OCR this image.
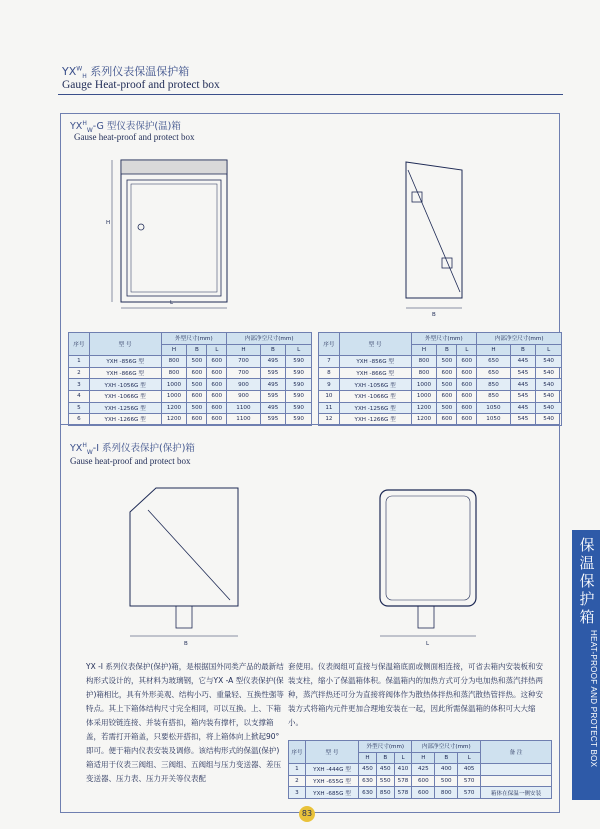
$YX^W_H$ 系列仪表保温保护箱
Gauge Heat-proof and protect box
$YX^H_W-G$ 型仪表保护(温)箱
Gause heat-proof and protect box
H
L
B
序号	型 号	外型尺寸(mm)			内部净空尺寸(mm)		
		H	B	L	H	B	L
1	YXH -856G 型	800	500	600	700	495	590
2	YXH -866G 型	800	600	600	700	595	590
3	YXH -1056G 型	1000	500	600	900	495	590
4	YXH -1066G 型	1000	600	600	900	595	590
5	YXH -1256G 型	1200	500	600	1100	495	590
6	YXH -1266G 型	1200	600	600	1100	595	590
序号	型 号	外型尺寸(mm)			内部净空尺寸(mm)		
		H	B	L	H	B	L
7	YXH -856G 型	800	500	600	650	445	540
8	YXH -866G 型	800	600	600	650	545	540
9	YXH -1056G 型	1000	500	600	850	445	540
10	YXH -1066G 型	1000	600	600	850	545	540
11	YXH -1256G 型	1200	500	600	1050	445	540
12	YXH -1266G 型	1200	600	600	1050	545	540
$YX^H_W-I$ 系列仪表保护(保护)箱
Gause heat-proof and protect box
B	L
YX -I 系列仪表保护(保护)箱，是根据国外同类产品的最新结构形式设计的，其材料为玻璃钢，它与YX -A 型仪表保护(保护)箱相比，具有外形美观、结构小巧、重量轻、互换性强等特点。其上下箱体结构尺寸完全相同，可以互换。上、下箱体采用铰链连接、并装有搭扣，箱内装有撑杆，以支撑箱盖，若需打开箱盖，只要松开搭扣，将上箱体向上掀起90°即可。便于箱内仪表安装及调修。该结构形式的保温(保护)箱适用于仪表三阀组、三阀组、五阀组与压力变送器、差压变送器、压力表、压力开关等仪表配
套使用。仪表阀组可直接与保温箱底面或侧面相连接，可省去箱内安装板和安装支柱，缩小了保温箱体积。保温箱内的加热方式可分为电加热和蒸汽拌热两种，蒸汽拌热还可分为直接将阀体作为散热体拌热和蒸汽散热管拌热。这种安装方式将箱内元件更加合理地安装在一起，因此所需保温箱的体积可大大缩小。
序号	型 号	外型尺寸(mm)			内部净空尺寸(mm)			备 注
		H	B	L	H	B	L	
1	YXH -444G 型	450	450	410	425	400	405	
2	YXH -655G 型	630	550	578	600	500	570	
3	YXH -685G 型	630	850	578	600	800	570	箱体在保温一侧安装
保温保护箱
HEAT-PROOF AND PROTECT BOX
83
